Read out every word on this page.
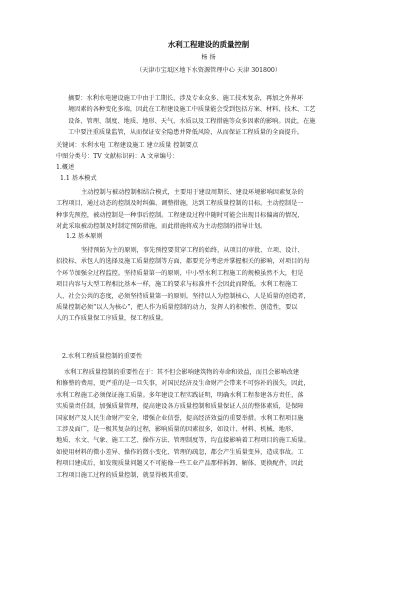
水利工程建设的质量控制
杨 扬
（天津市宝坻区地下水资源管理中心 天津 301800）
摘要：水利水电建设施工中由于工期长、涉及专业众多、施工技术复杂，再加之外界环
境因素的各种变化多端，因此在工程建设施工中质量能会受到包括方案、材料、技术、工艺
设备、管理、制度、地质、地形、天气、水质以及工程措施等众多因素的影响。因此，在施
工中要注重质量监管，从而保证安全隐患并降低风险，从而保证工程质量的全面提升。
关键词：水利水电 工程建设施工 建立质量 控制要点
中图分类号：TV 文献标识码：A 文章编号：
1.概述
1.1 基本模式
主动控制与被动控制相结合模式，主要用于建设周期长、建设环境影响因素复杂的
工程项目，通过动态的控制及时纠偏、调整措施，达到工程质量控制的目标。主动控制是一
种事先预控，被动控制是一种事后控制。工程建设过程中随时可能会出现目标偏离的情况，
对此采取被动控制及时制定预防措施，而此措施将成为主动控制的指导计划。
1.2 基本原则
坚持预防为主的原则，事先预控要贯穿工程的始终，从项目的审批、立项、设计、
招投标、承包人的选择及施工质量控制等方面，都要充分考虑并掌握相关的影响，对项目的每
个环节加强全过程监控。坚持质量第一的原则，中小型水利工程施工的规模虽然不大，但是
项目内容与大型工程相比基本一样，施工的要求与标准并不会因此而降低。水利工程施工
人、社会公共的态度，必须坚持质量第一的原则。坚持以人为控制核心，人是质量的创造者，
质量控制必须“以人为核心”，把人作为质量控制的动力，发挥人的积极性、创造性，要以
人的工作质量保工序质量，保工程质量。
2.水利工程质量控制的重要性
水利工程质量控制的重要性在于：其不但会影响建筑物的寿命和效益，而且会影响改建
和修整的费用，更严重的是一旦失事，对国民经济及生命财产会带来不可弥补的损失，因此，
水利工程施工必须保证施工质量。多年建设工程实践证明，明确水利工程参建各方责任，落
实质量责任制，加强质量管理，提高建设各方质量控制和质量保证人员的整体素质，是保障
国家财产及人民生命财产安全，增强企业信誉，提高经济效益的重要举措。水利工程项目施
工涉及面广，是一极其复杂的过程，影响质量的因素很多，如设计、材料、机械、地形、
地质、水文、气象、施工工艺、操作方法、管理制度等，均直接影响着工程项目的施工质量。
如使用材料的微小差异、操作的微小变化、管理的疏忽，都会产生质量变异，造成事故。工
程项目建成后，如发现质量问题又不可能像一些工业产品那样拆卸、解体、更换配件，因此
工程项目施工过程的质量控制，就显得极其重要。
